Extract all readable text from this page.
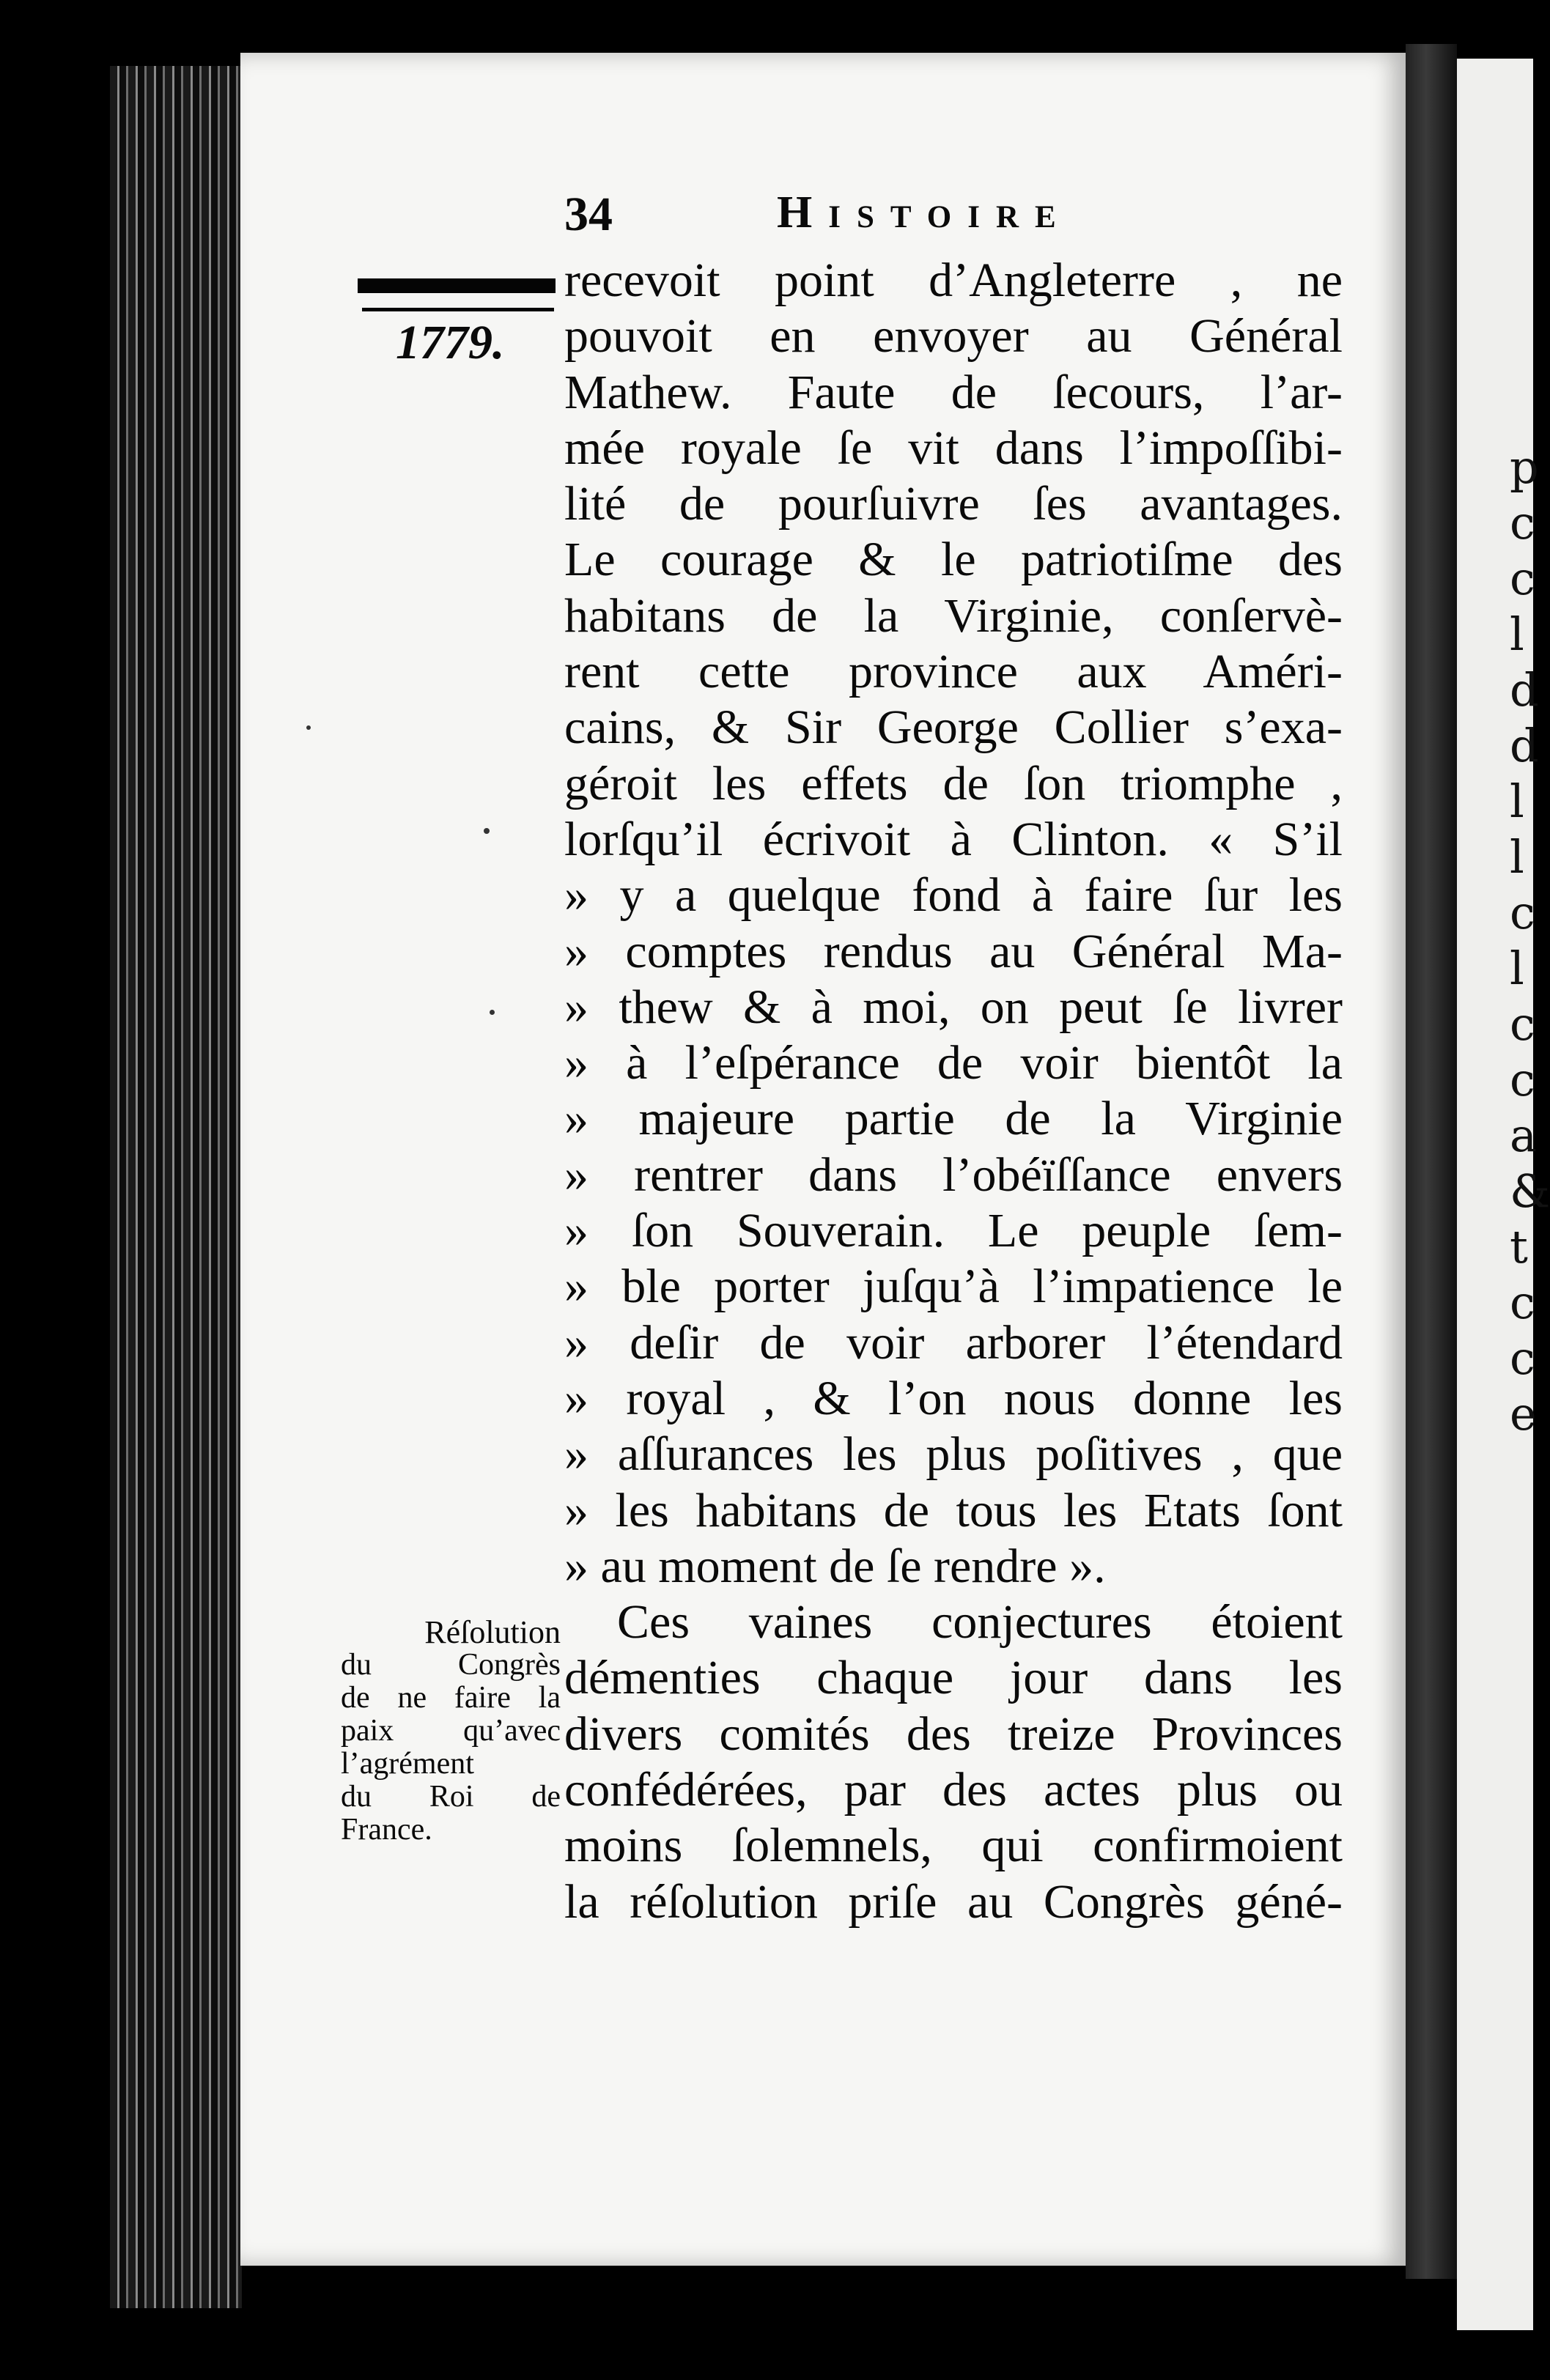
p
c
c
l
d
d
l
l
c
l
c
c
a
&
t
c
c
e
34	Histoire
1779.
recevoit point d’Angleterre , ne
pouvoit en envoyer au Général
Mathew. Faute de ſecours, l’ar-
mée royale ſe vit dans l’impoſſibi-
lité de pourſuivre ſes avantages.
Le courage & le patriotiſme des
habitans de la Virginie, conſervè-
rent cette province aux Améri-
cains, & Sir George Collier s’exa-
géroit les effets de ſon triomphe ,
lorſqu’il écrivoit à Clinton. « S’il
» y a quelque fond à faire ſur les
» comptes rendus au Général Ma-
» thew & à moi, on peut ſe livrer
» à l’eſpérance de voir bientôt la
» majeure partie de la Virginie
» rentrer dans l’obéïſſance envers
» ſon Souverain. Le peuple ſem-
» ble porter juſqu’à l’impatience le
» deſir de voir arborer l’étendard
» royal , & l’on nous donne les
» aſſurances les plus poſitives , que
» les habitans de tous les Etats ſont
» au moment de ſe rendre ».
Ces vaines conjectures étoient
démenties chaque jour dans les
divers comités des treize Provinces
confédérées, par des actes plus ou
moins ſolemnels, qui confirmoient
la réſolution priſe au Congrès géné-
Réſolution
du Congrès
de ne faire la
paix qu’avec
l’agrément
du Roi de
France.
